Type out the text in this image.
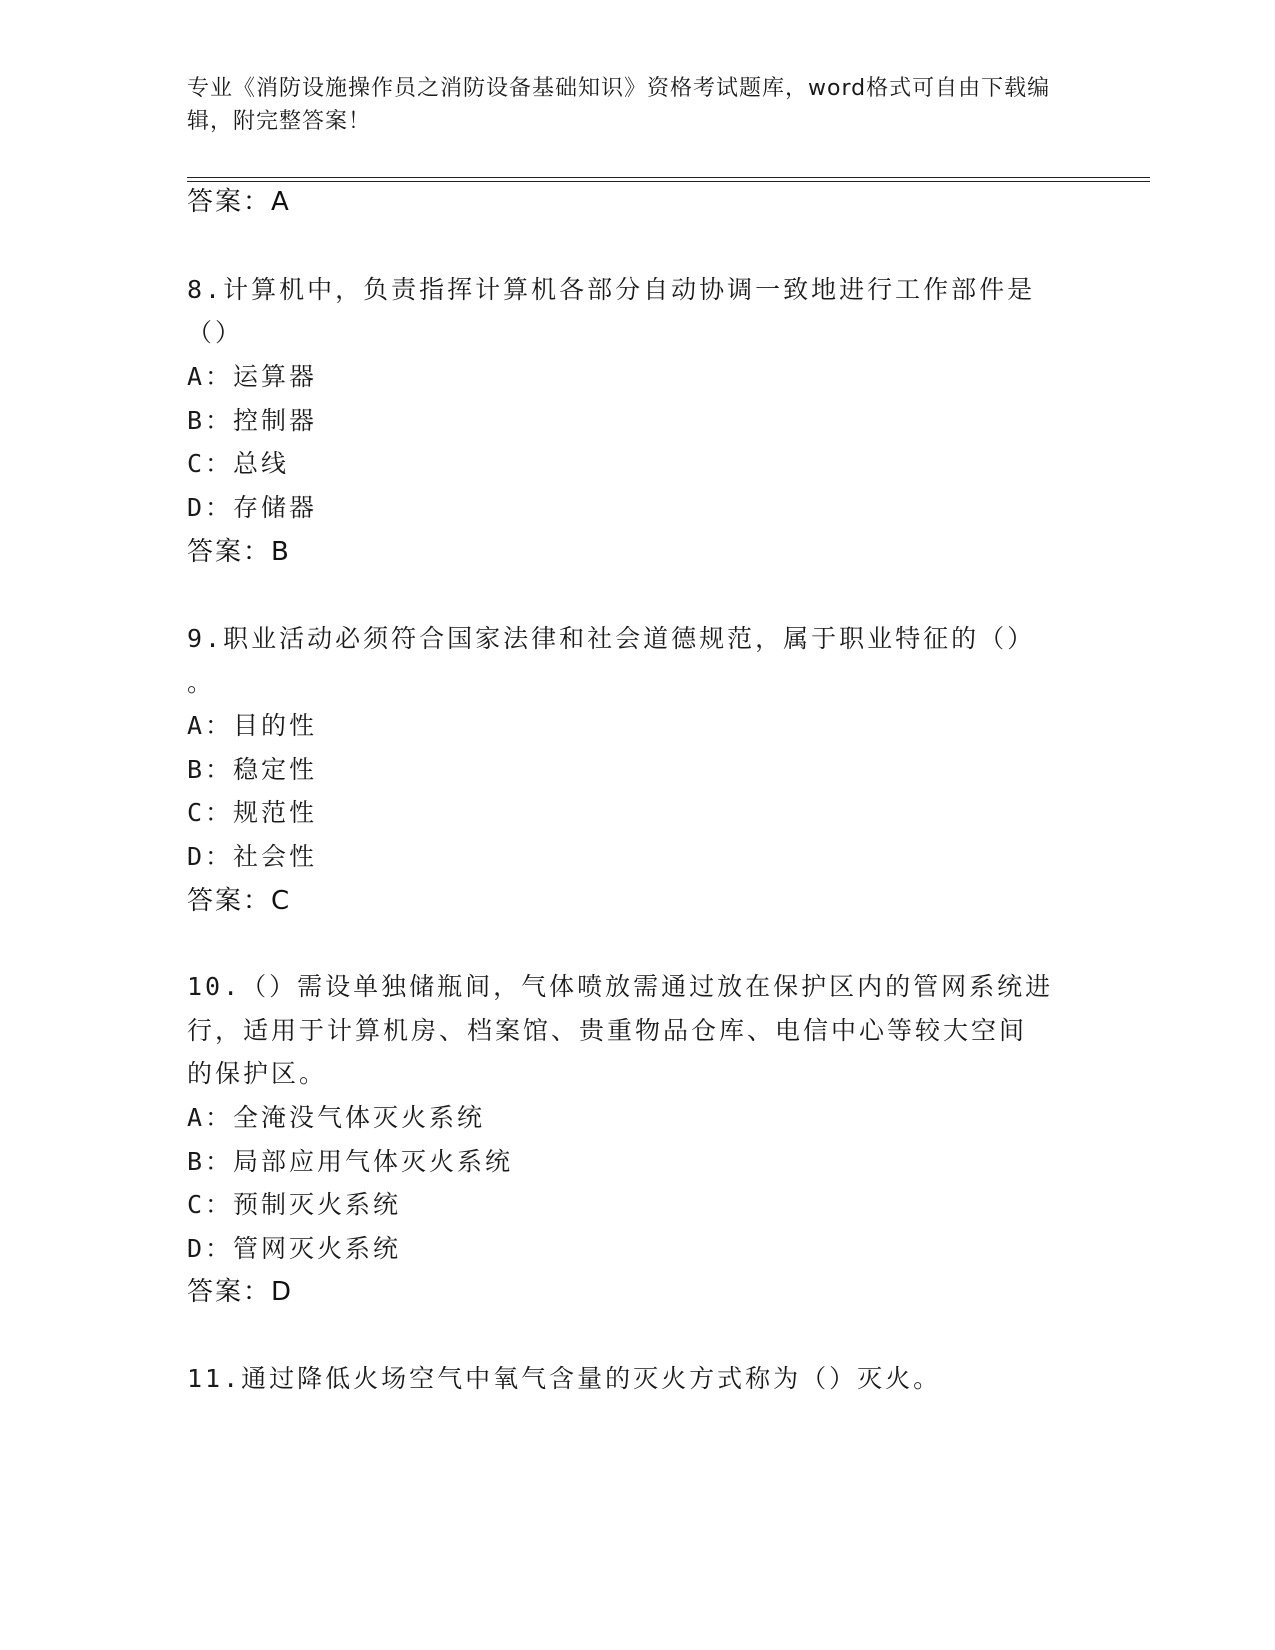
专业《消防设施操作员之消防设备基础知识》资格考试题库，word格式可自由下载编辑，附完整答案！
答案：A
8.计算机中，负责指挥计算机各部分自动协调一致地进行工作部件是
（）
A：运算器
B：控制器
C：总线
D：存储器
答案：B
9.职业活动必须符合国家法律和社会道德规范，属于职业特征的（）
。
A：目的性
B：稳定性
C：规范性
D：社会性
答案：C
10.（）需设单独储瓶间，气体喷放需通过放在保护区内的管网系统进
行，适用于计算机房、档案馆、贵重物品仓库、电信中心等较大空间
的保护区。
A：全淹没气体灭火系统
B：局部应用气体灭火系统
C：预制灭火系统
D：管网灭火系统
答案：D
11.通过降低火场空气中氧气含量的灭火方式称为（）灭火。
